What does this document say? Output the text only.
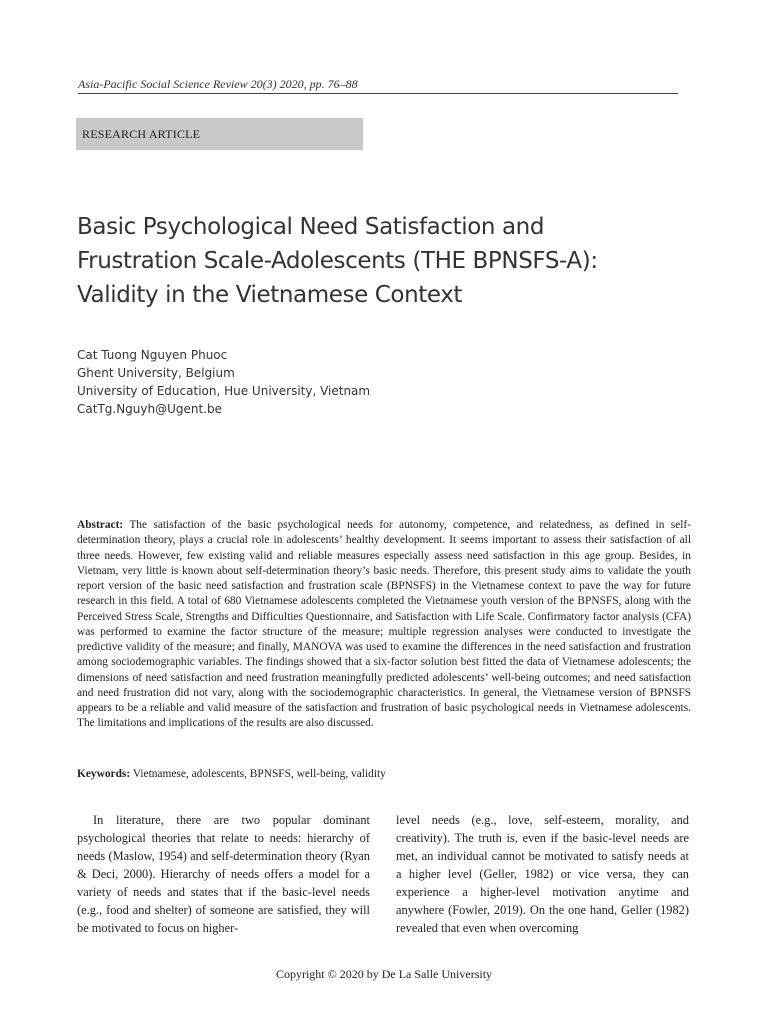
Asia-Pacific Social Science Review 20(3) 2020, pp. 76–88
RESEARCH ARTICLE
Basic Psychological Need Satisfaction and
Frustration Scale-Adolescents (THE BPNSFS-A):
Validity in the Vietnamese Context
Cat Tuong Nguyen Phuoc
Ghent University, Belgium
University of Education, Hue University, Vietnam
CatTg.Nguyh@Ugent.be

Abstract: The satisfaction of the basic psychological needs for autonomy, competence, and relatedness, as defined in self-determination theory, plays a crucial role in adolescents’ healthy development. It seems important to assess their satisfaction of all three needs. However, few existing valid and reliable measures especially assess need satisfaction in this age group. Besides, in Vietnam, very little is known about self-determination theory’s basic needs. Therefore, this present study aims to validate the youth report version of the basic need satisfaction and frustration scale (BPNSFS) in the Vietnamese context to pave the way for future research in this field. A total of 680 Vietnamese adolescents completed the Vietnamese youth version of the BPNSFS, along with the Perceived Stress Scale, Strengths and Difficulties Questionnaire, and Satisfaction with Life Scale. Confirmatory factor analysis (CFA) was performed to examine the factor structure of the measure; multiple regression analyses were conducted to investigate the predictive validity of the measure; and finally, MANOVA was used to examine the differences in the need satisfaction and frustration among sociodemographic variables. The findings showed that a six-factor solution best fitted the data of Vietnamese adolescents; the dimensions of need satisfaction and need frustration meaningfully predicted adolescents’ well-being outcomes; and need satisfaction and need frustration did not vary, along with the sociodemographic characteristics. In general, the Vietnamese version of BPNSFS appears to be a reliable and valid measure of the satisfaction and frustration of basic psychological needs in Vietnamese adolescents. The limitations and implications of the results are also discussed.

Keywords: Vietnamese, adolescents, BPNSFS, well-being, validity

In literature, there are two popular dominant psychological theories that relate to needs: hierarchy of needs (Maslow, 1954) and self-determination theory (Ryan & Deci, 2000). Hierarchy of needs offers a model for a variety of needs and states that if the basic-level needs (e.g., food and shelter) of someone are satisfied, they will be motivated to focus on higher-

level needs (e.g., love, self-esteem, morality, and creativity). The truth is, even if the basic-level needs are met, an individual cannot be motivated to satisfy needs at a higher level (Geller, 1982) or vice versa, they can experience a higher-level motivation anytime and anywhere (Fowler, 2019). On the one hand, Geller (1982) revealed that even when overcoming

Copyright © 2020 by De La Salle University
